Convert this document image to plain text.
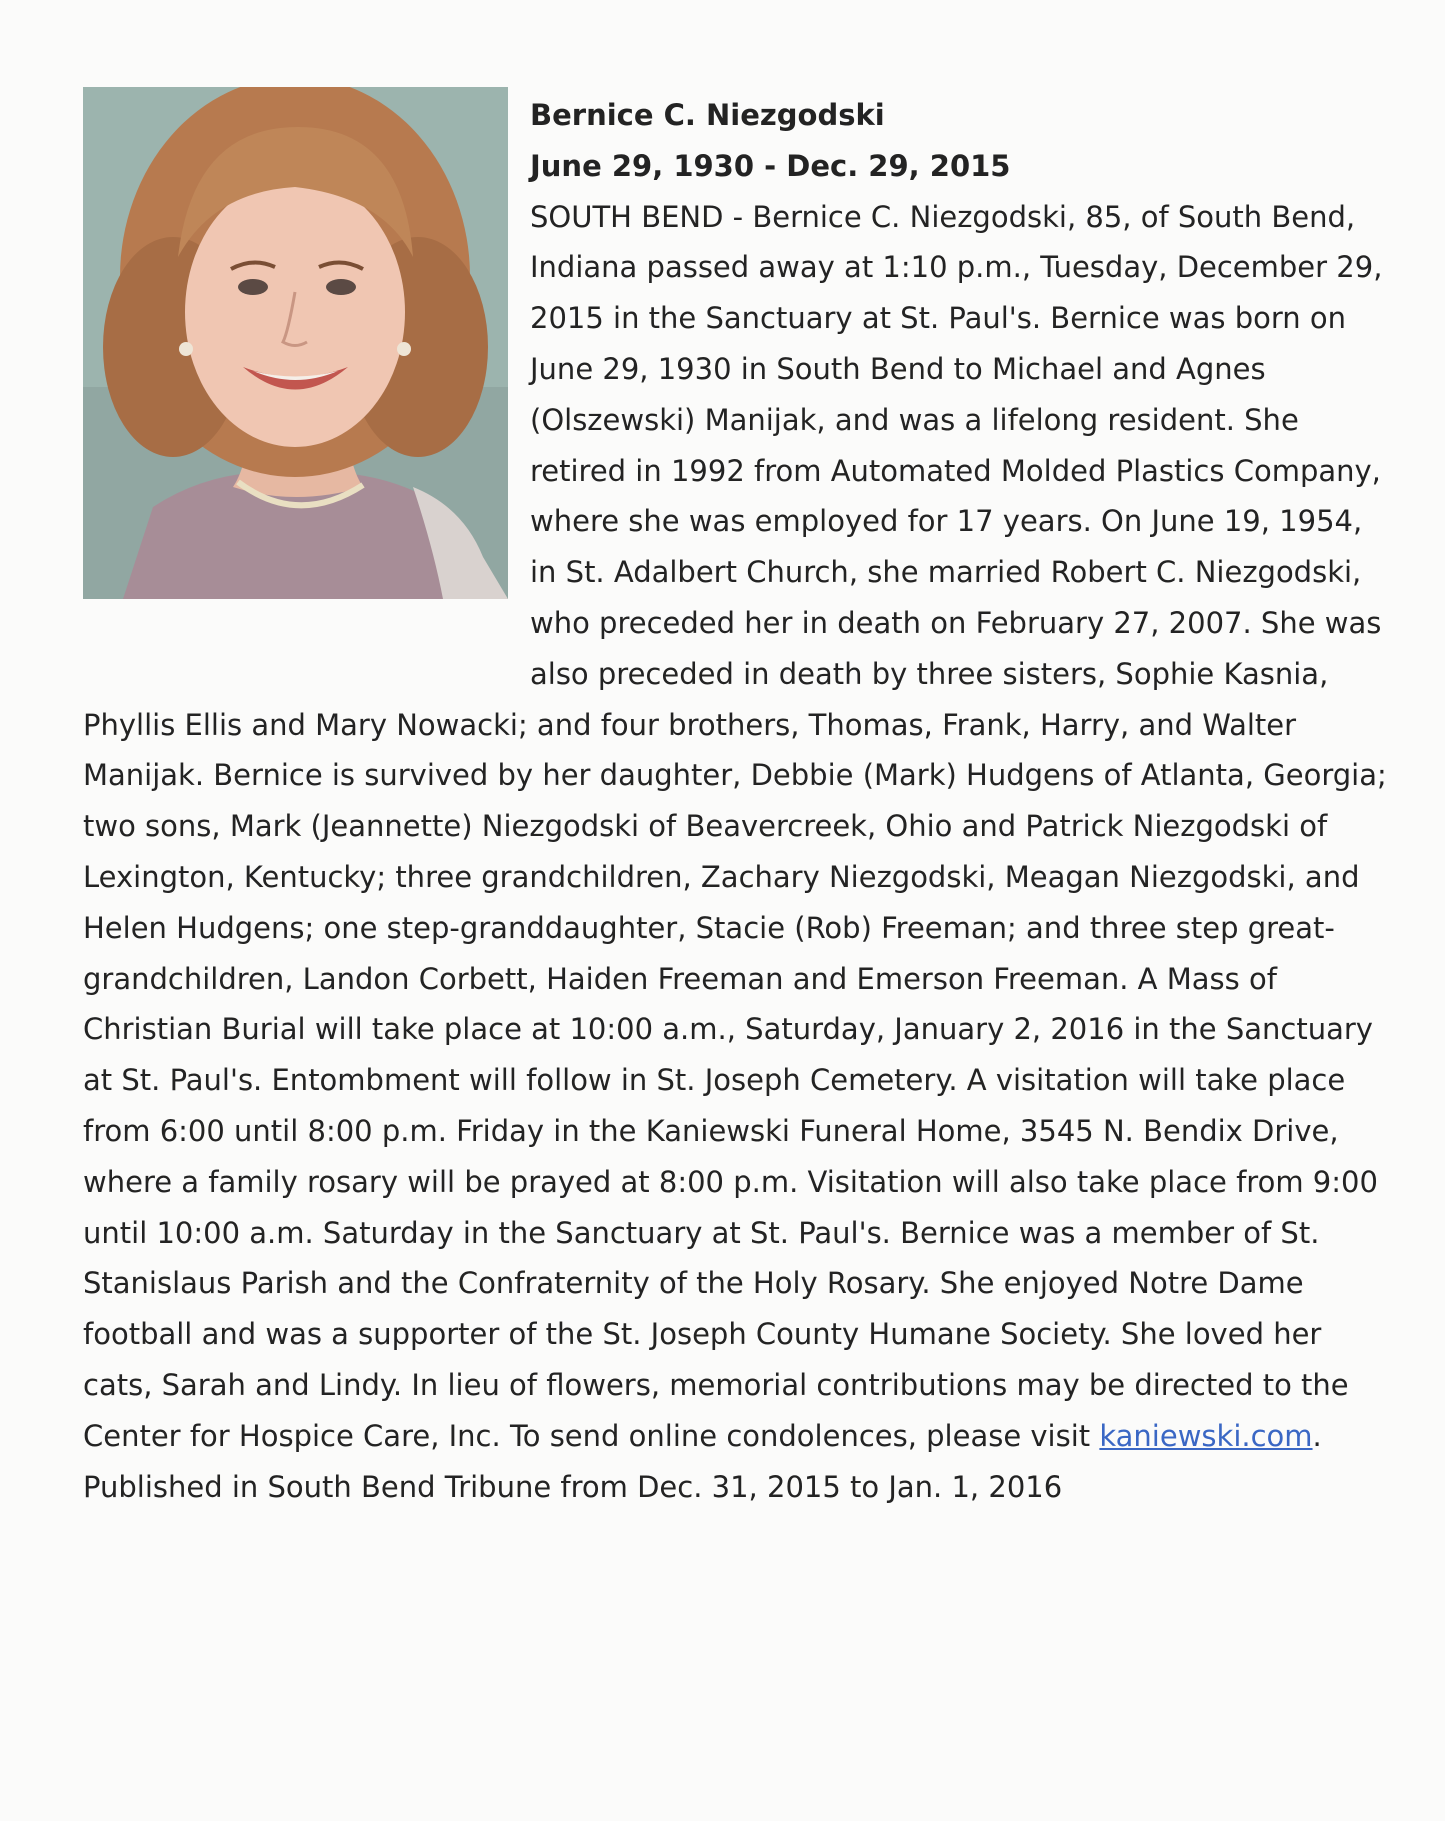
Bernice C. Niezgodski
June 29, 1930 - Dec. 29, 2015
SOUTH BEND - Bernice C. Niezgodski, 85, of South Bend, Indiana passed away at 1:10 p.m., Tuesday, December 29, 2015 in the Sanctuary at St. Paul's. Bernice was born on June 29, 1930 in South Bend to Michael and Agnes (Olszewski) Manijak, and was a lifelong resident. She retired in 1992 from Automated Molded Plastics Company, where she was employed for 17 years. On June 19, 1954, in St. Adalbert Church, she married Robert C. Niezgodski, who preceded her in death on February 27, 2007. She was also preceded in death by three sisters, Sophie Kasnia, Phyllis Ellis and Mary Nowacki; and four brothers, Thomas, Frank, Harry, and Walter Manijak. Bernice is survived by her daughter, Debbie (Mark) Hudgens of Atlanta, Georgia; two sons, Mark (Jeannette) Niezgodski of Beavercreek, Ohio and Patrick Niezgodski of Lexington, Kentucky; three grandchildren, Zachary Niezgodski, Meagan Niezgodski, and Helen Hudgens; one step-granddaughter, Stacie (Rob) Freeman; and three step great-grandchildren, Landon Corbett, Haiden Freeman and Emerson Freeman. A Mass of Christian Burial will take place at 10:00 a.m., Saturday, January 2, 2016 in the Sanctuary at St. Paul's. Entombment will follow in St. Joseph Cemetery. A visitation will take place from 6:00 until 8:00 p.m. Friday in the Kaniewski Funeral Home, 3545 N. Bendix Drive, where a family rosary will be prayed at 8:00 p.m. Visitation will also take place from 9:00 until 10:00 a.m. Saturday in the Sanctuary at St. Paul's. Bernice was a member of St. Stanislaus Parish and the Confraternity of the Holy Rosary. She enjoyed Notre Dame football and was a supporter of the St. Joseph County Humane Society. She loved her cats, Sarah and Lindy. In lieu of flowers, memorial contributions may be directed to the Center for Hospice Care, Inc. To send online condolences, please visit kaniewski.com. Published in South Bend Tribune from Dec. 31, 2015 to Jan. 1, 2016
